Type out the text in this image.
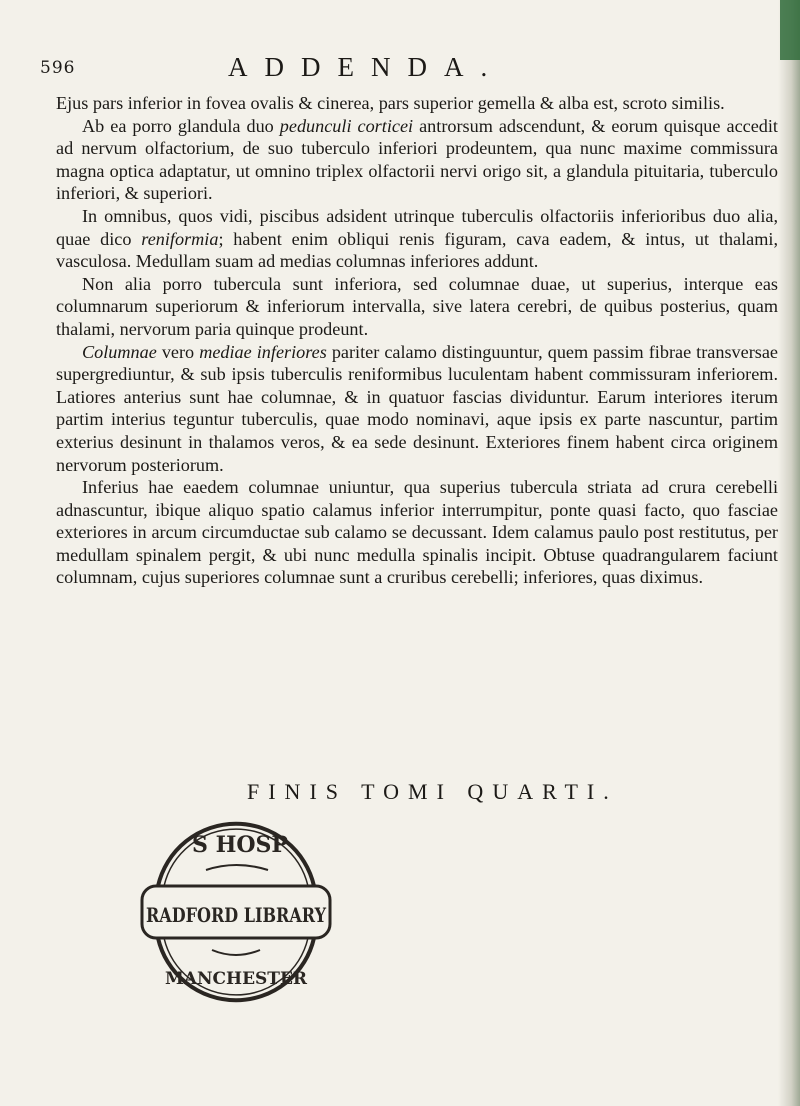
596	ADDENDA.

Ejus pars inferior in fovea ovalis & cinerea, pars superior gemella & alba est, scroto similis.

Ab ea porro glandula duo pedunculi corticei antrorsum adscendunt, & eorum quisque accedit ad nervum olfactorium, de suo tuberculo inferiori prodeuntem, qua nunc maxime commissura magna optica adaptatur, ut omnino triplex olfactorii nervi origo sit, a glandula pituitaria, tuberculo inferiori, & superiori.

In omnibus, quos vidi, piscibus adsident utrinque tuberculis olfactoriis inferioribus duo alia, quae dico reniformia; habent enim obliqui renis figuram, cava eadem, & intus, ut thalami, vasculosa. Medullam suam ad medias columnas inferiores addunt.

Non alia porro tubercula sunt inferiora, sed columnae duae, ut superius, interque eas columnarum superiorum & inferiorum intervalla, sive latera cerebri, de quibus posterius, quam thalami, nervorum paria quinque prodeunt.

Columnae vero mediae inferiores pariter calamo distinguuntur, quem passim fibrae transversae supergrediuntur, & sub ipsis tuberculis reniformibus luculentam habent commissuram inferiorem. Latiores anterius sunt hae columnae, & in quatuor fascias dividuntur. Earum interiores iterum partim interius teguntur tuberculis, quae modo nominavi, aque ipsis ex parte nascuntur, partim exterius desinunt in thalamos veros, & ea sede desinunt. Exteriores finem habent circa originem nervorum posteriorum.

Inferius hae eaedem columnae uniuntur, qua superius tubercula striata ad crura cerebelli adnascuntur, ibique aliquo spatio calamus inferior interrumpitur, ponte quasi facto, quo fasciae exteriores in arcum circumductae sub calamo se decussant. Idem calamus paulo post restitutus, per medullam spinalem pergit, & ubi nunc medulla spinalis incipit. Obtuse quadrangularem faciunt columnam, cujus superiores columnae sunt a cruribus cerebelli; inferiores, quas diximus.

FINIS TOMI QUARTI.
S HOSP
RADFORD LIBRARY
MANCHESTER
